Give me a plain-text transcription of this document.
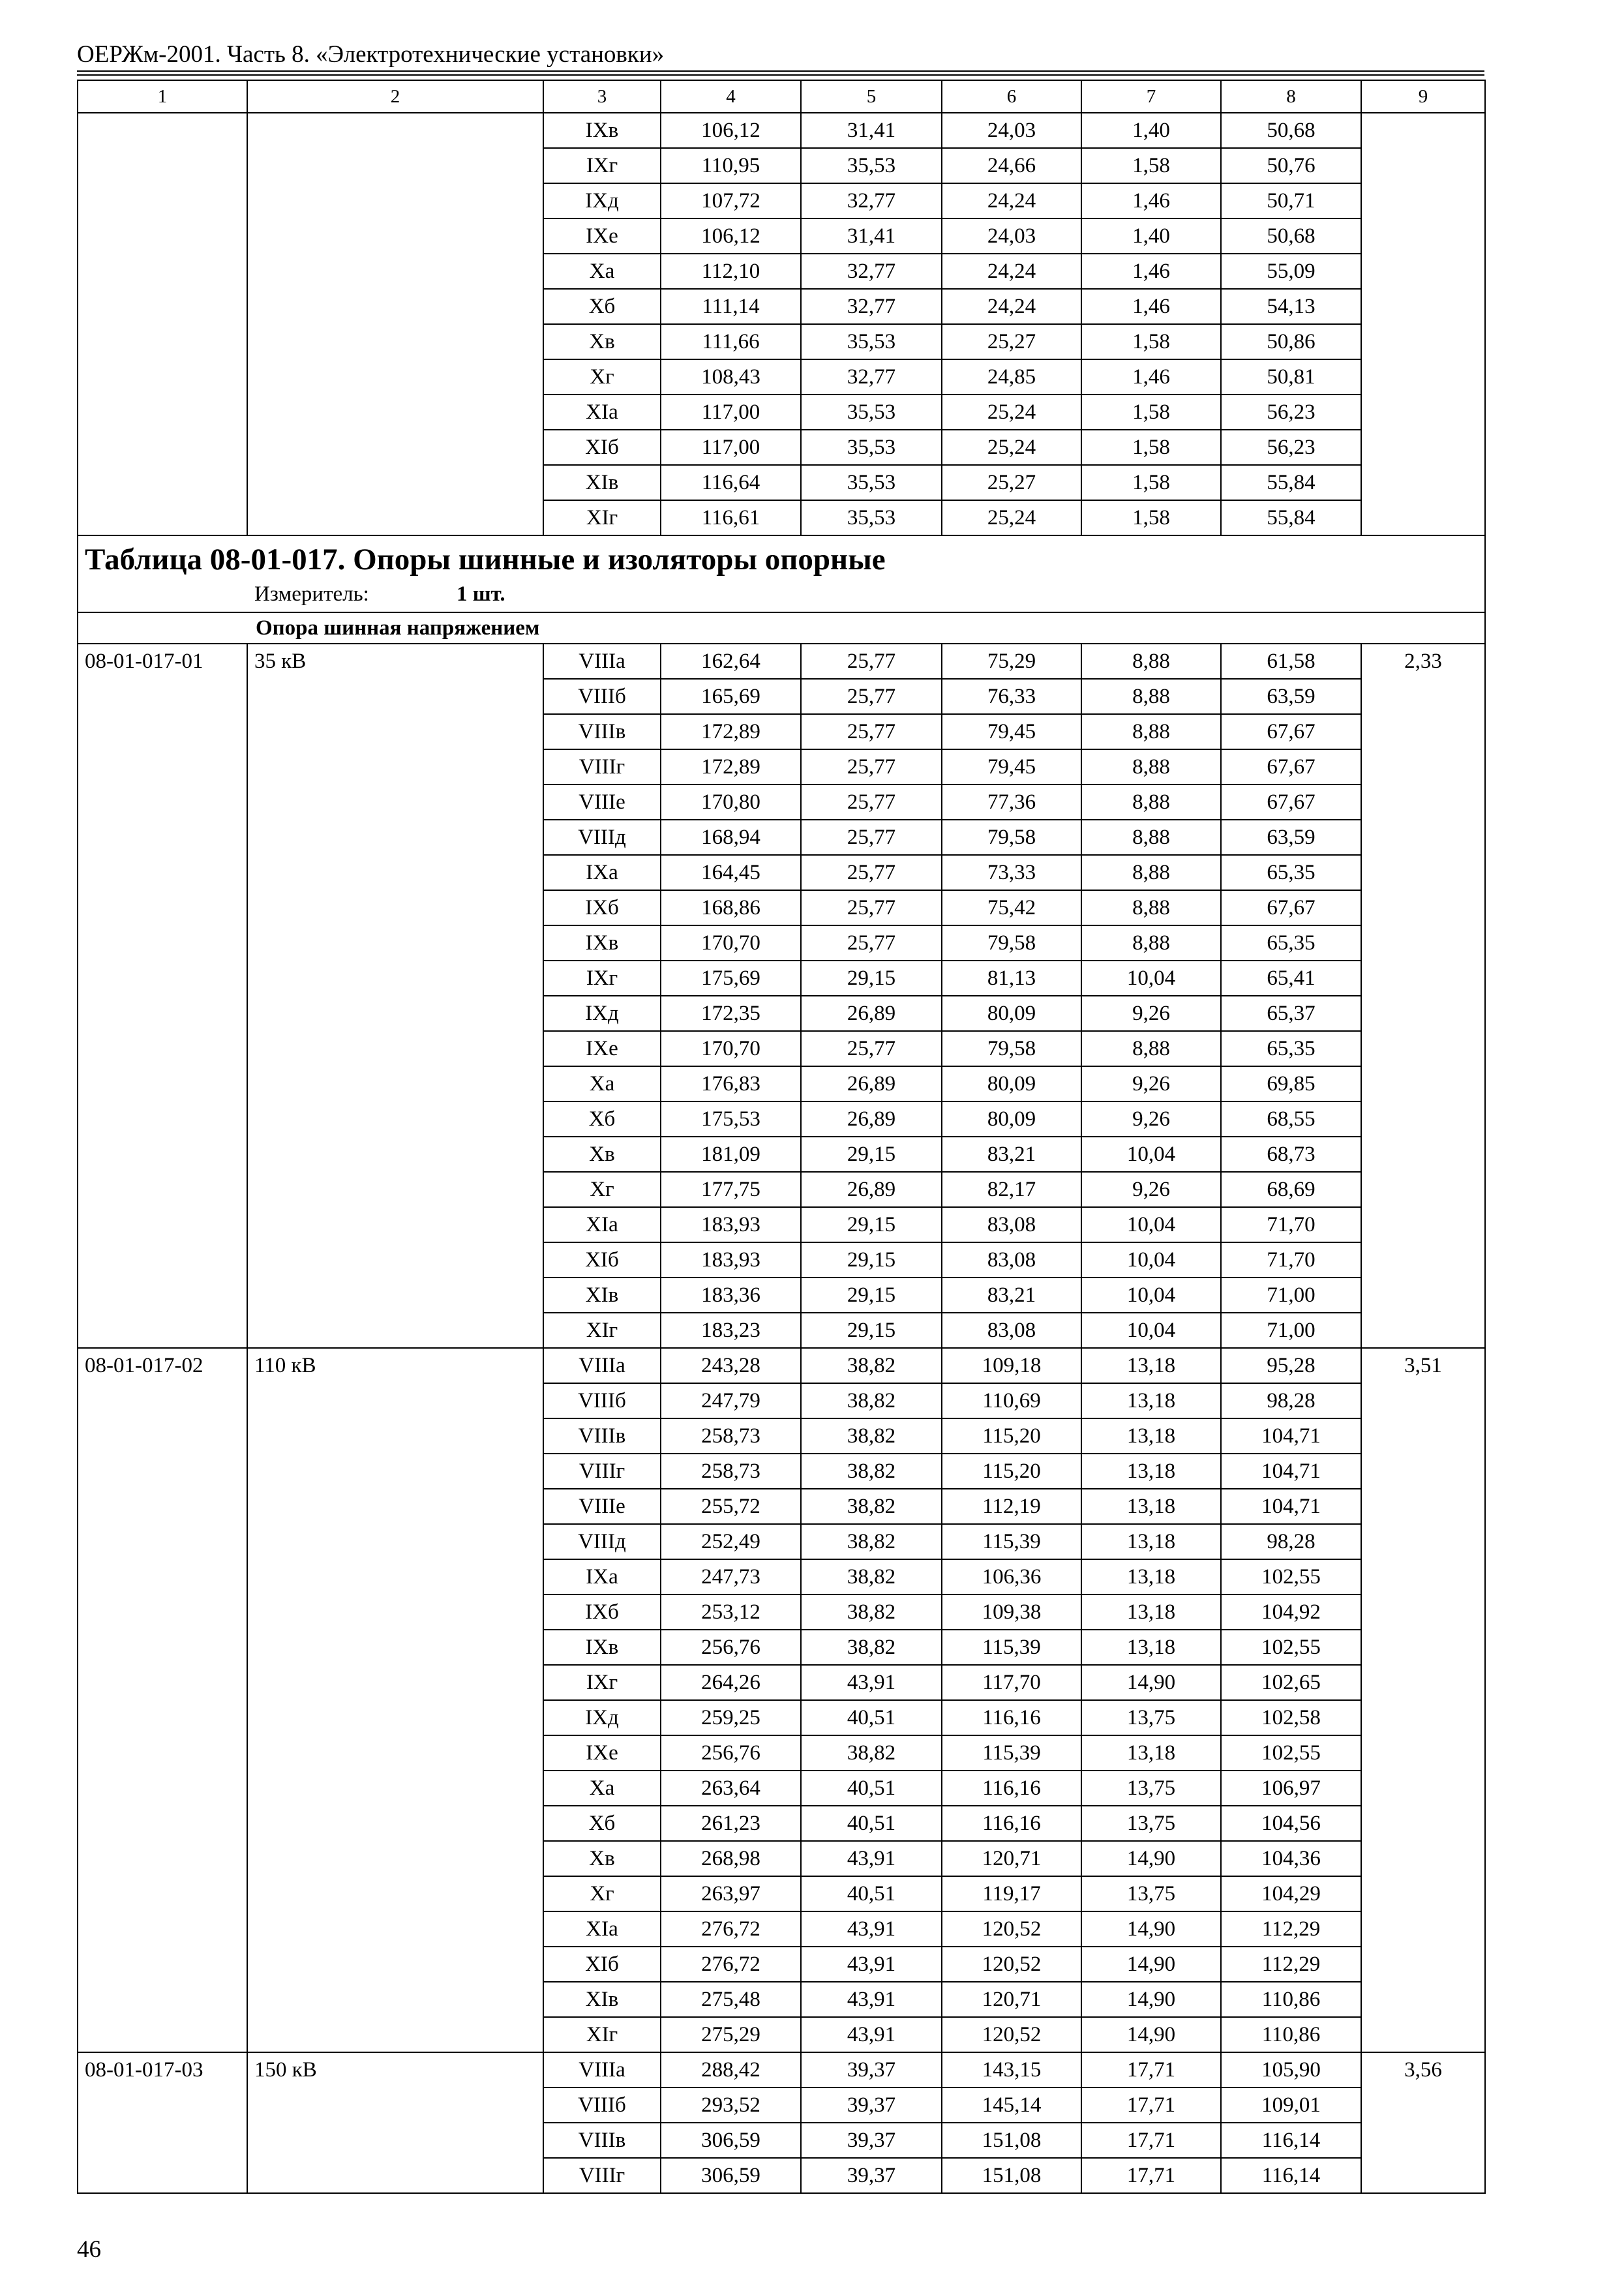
ОЕРЖм-2001. Часть 8. «Электротехнические установки»
1	2	3	4	5	6	7	8	9
		IXв	106,12	31,41	24,03	1,40	50,68	
		IXг	110,95	35,53	24,66	1,58	50,76	
		IXд	107,72	32,77	24,24	1,46	50,71	
		IXе	106,12	31,41	24,03	1,40	50,68	
		Xа	112,10	32,77	24,24	1,46	55,09	
		Xб	111,14	32,77	24,24	1,46	54,13	
		Xв	111,66	35,53	25,27	1,58	50,86	
		Xг	108,43	32,77	24,85	1,46	50,81	
		XIа	117,00	35,53	25,24	1,58	56,23	
		XIб	117,00	35,53	25,24	1,58	56,23	
		XIв	116,64	35,53	25,27	1,58	55,84	
		XIг	116,61	35,53	25,24	1,58	55,84	

Таблица 08-01-017. Опоры шинные и изоляторы опорные
Измеритель: 1 шт.								

Опора шинная напряжением								
08-01-017-01	35 кВ	VIIIа	162,64	25,77	75,29	8,88	61,58	2,33
		VIIIб	165,69	25,77	76,33	8,88	63,59	
		VIIIв	172,89	25,77	79,45	8,88	67,67	
		VIIIг	172,89	25,77	79,45	8,88	67,67	
		VIIIе	170,80	25,77	77,36	8,88	67,67	
		VIIIд	168,94	25,77	79,58	8,88	63,59	
		IXа	164,45	25,77	73,33	8,88	65,35	
		IXб	168,86	25,77	75,42	8,88	67,67	
		IXв	170,70	25,77	79,58	8,88	65,35	
		IXг	175,69	29,15	81,13	10,04	65,41	
		IXд	172,35	26,89	80,09	9,26	65,37	
		IXе	170,70	25,77	79,58	8,88	65,35	
		Xа	176,83	26,89	80,09	9,26	69,85	
		Xб	175,53	26,89	80,09	9,26	68,55	
		Xв	181,09	29,15	83,21	10,04	68,73	
		Xг	177,75	26,89	82,17	9,26	68,69	
		XIа	183,93	29,15	83,08	10,04	71,70	
		XIб	183,93	29,15	83,08	10,04	71,70	
		XIв	183,36	29,15	83,21	10,04	71,00	
		XIг	183,23	29,15	83,08	10,04	71,00	
08-01-017-02	110 кВ	VIIIа	243,28	38,82	109,18	13,18	95,28	3,51
		VIIIб	247,79	38,82	110,69	13,18	98,28	
		VIIIв	258,73	38,82	115,20	13,18	104,71	
		VIIIг	258,73	38,82	115,20	13,18	104,71	
		VIIIе	255,72	38,82	112,19	13,18	104,71	
		VIIIд	252,49	38,82	115,39	13,18	98,28	
		IXа	247,73	38,82	106,36	13,18	102,55	
		IXб	253,12	38,82	109,38	13,18	104,92	
		IXв	256,76	38,82	115,39	13,18	102,55	
		IXг	264,26	43,91	117,70	14,90	102,65	
		IXд	259,25	40,51	116,16	13,75	102,58	
		IXе	256,76	38,82	115,39	13,18	102,55	
		Xа	263,64	40,51	116,16	13,75	106,97	
		Xб	261,23	40,51	116,16	13,75	104,56	
		Xв	268,98	43,91	120,71	14,90	104,36	
		Xг	263,97	40,51	119,17	13,75	104,29	
		XIа	276,72	43,91	120,52	14,90	112,29	
		XIб	276,72	43,91	120,52	14,90	112,29	
		XIв	275,48	43,91	120,71	14,90	110,86	
		XIг	275,29	43,91	120,52	14,90	110,86	
08-01-017-03	150 кВ	VIIIа	288,42	39,37	143,15	17,71	105,90	3,56
		VIIIб	293,52	39,37	145,14	17,71	109,01	
		VIIIв	306,59	39,37	151,08	17,71	116,14	
		VIIIг	306,59	39,37	151,08	17,71	116,14	
46
